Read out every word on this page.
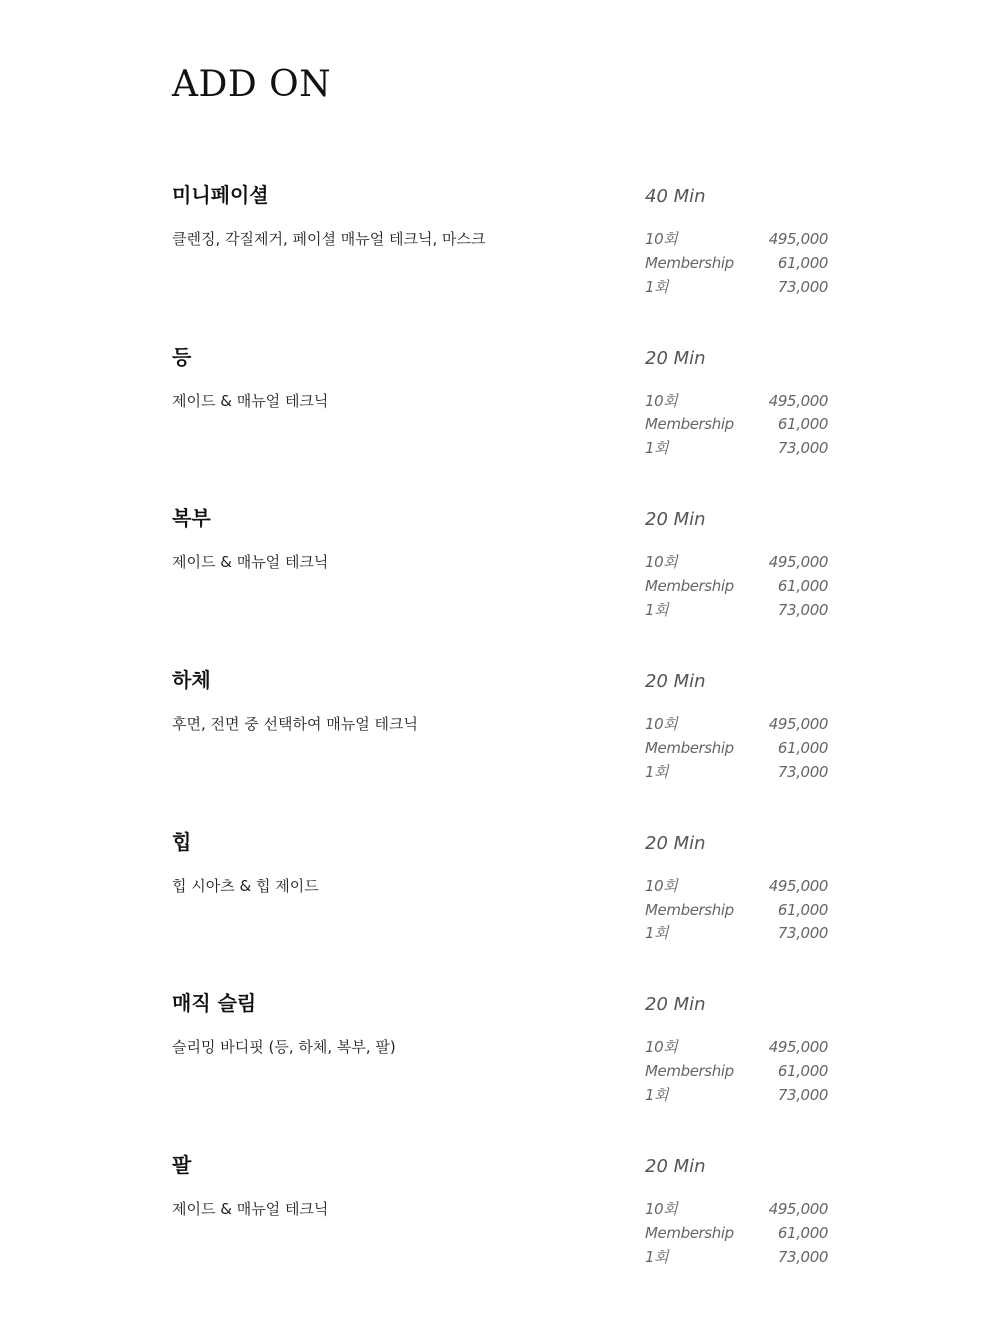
ADD ON
미니페이셜
클렌징, 각질제거, 페이셜 매뉴얼 테크닉, 마스크
40 Min
10회	495,000
Membership	61,000
1회	73,000
등
제이드 & 매뉴얼 테크닉
20 Min
10회	495,000
Membership	61,000
1회	73,000
복부
제이드 & 매뉴얼 테크닉
20 Min
10회	495,000
Membership	61,000
1회	73,000
하체
후면, 전면 중 선택하여 매뉴얼 테크닉
20 Min
10회	495,000
Membership	61,000
1회	73,000
힙
힙 시아츠 & 힙 제이드
20 Min
10회	495,000
Membership	61,000
1회	73,000
매직 슬림
슬리밍 바디핏 (등, 하체, 복부, 팔)
20 Min
10회	495,000
Membership	61,000
1회	73,000
팔
제이드 & 매뉴얼 테크닉
20 Min
10회	495,000
Membership	61,000
1회	73,000
